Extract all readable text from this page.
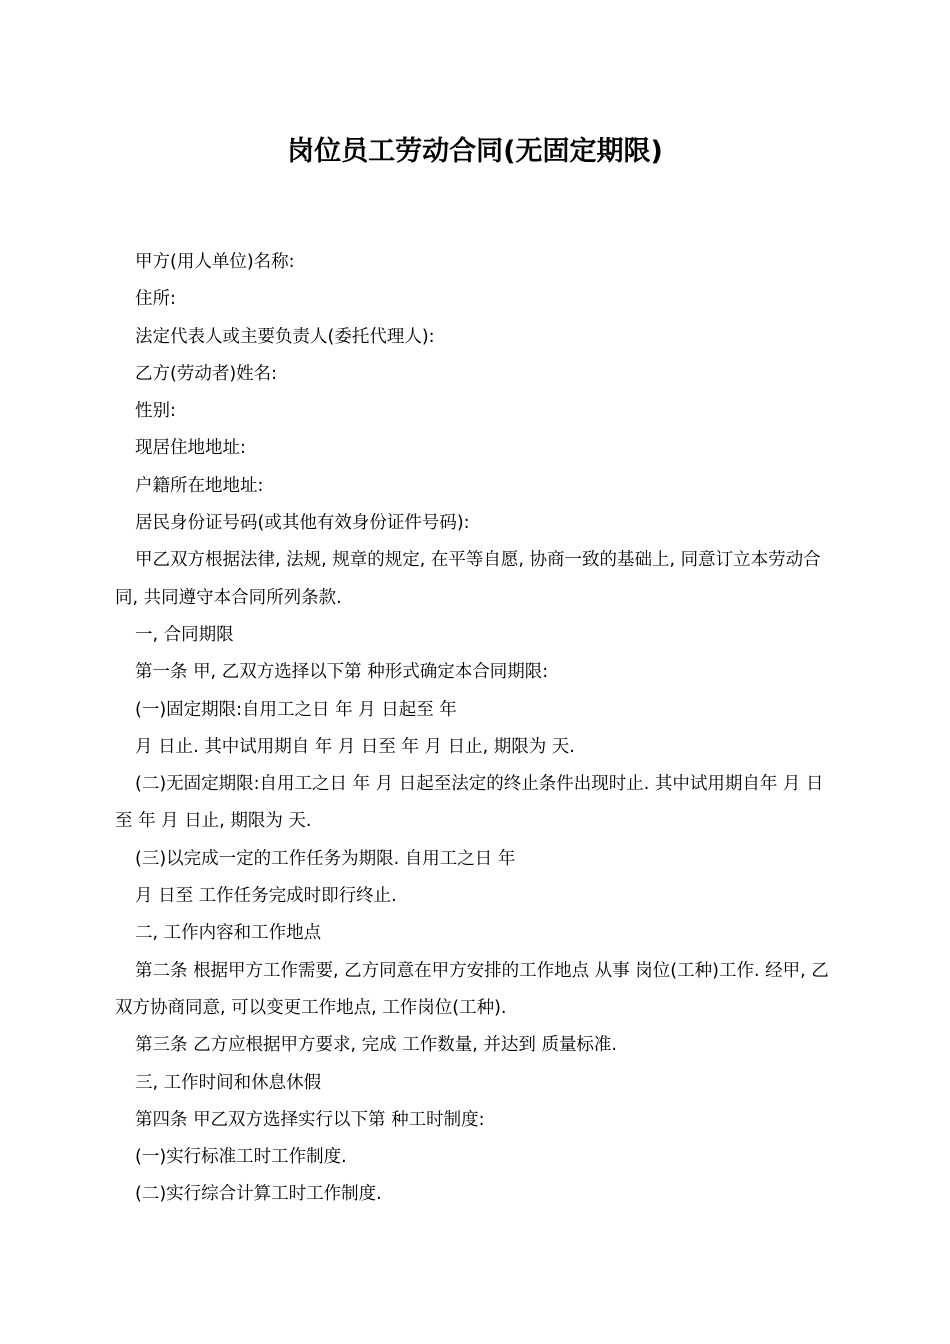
岗位员工劳动合同(无固定期限)

甲方(用人单位)名称:

住所:

法定代表人或主要负责人(委托代理人):

乙方(劳动者)姓名:

性别:

现居住地地址:

户籍所在地地址:

居民身份证号码(或其他有效身份证件号码):

甲乙双方根据法律, 法规, 规章的规定, 在平等自愿, 协商一致的基础上, 同意订立本劳动合同, 共同遵守本合同所列条款.

一, 合同期限

第一条 甲, 乙双方选择以下第 种形式确定本合同期限:

(一)固定期限:自用工之日 年 月 日起至 年

月 日止. 其中试用期自 年 月 日至 年 月 日止, 期限为 天.

(二)无固定期限:自用工之日 年 月 日起至法定的终止条件出现时止. 其中试用期自年 月 日至 年 月 日止, 期限为 天.

(三)以完成一定的工作任务为期限. 自用工之日 年

月 日至 工作任务完成时即行终止.

二, 工作内容和工作地点

第二条 根据甲方工作需要, 乙方同意在甲方安排的工作地点 从事 岗位(工种)工作. 经甲, 乙双方协商同意, 可以变更工作地点, 工作岗位(工种).

第三条 乙方应根据甲方要求, 完成 工作数量, 并达到 质量标准.

三, 工作时间和休息休假

第四条 甲乙双方选择实行以下第 种工时制度:

(一)实行标准工时工作制度.

(二)实行综合计算工时工作制度.
